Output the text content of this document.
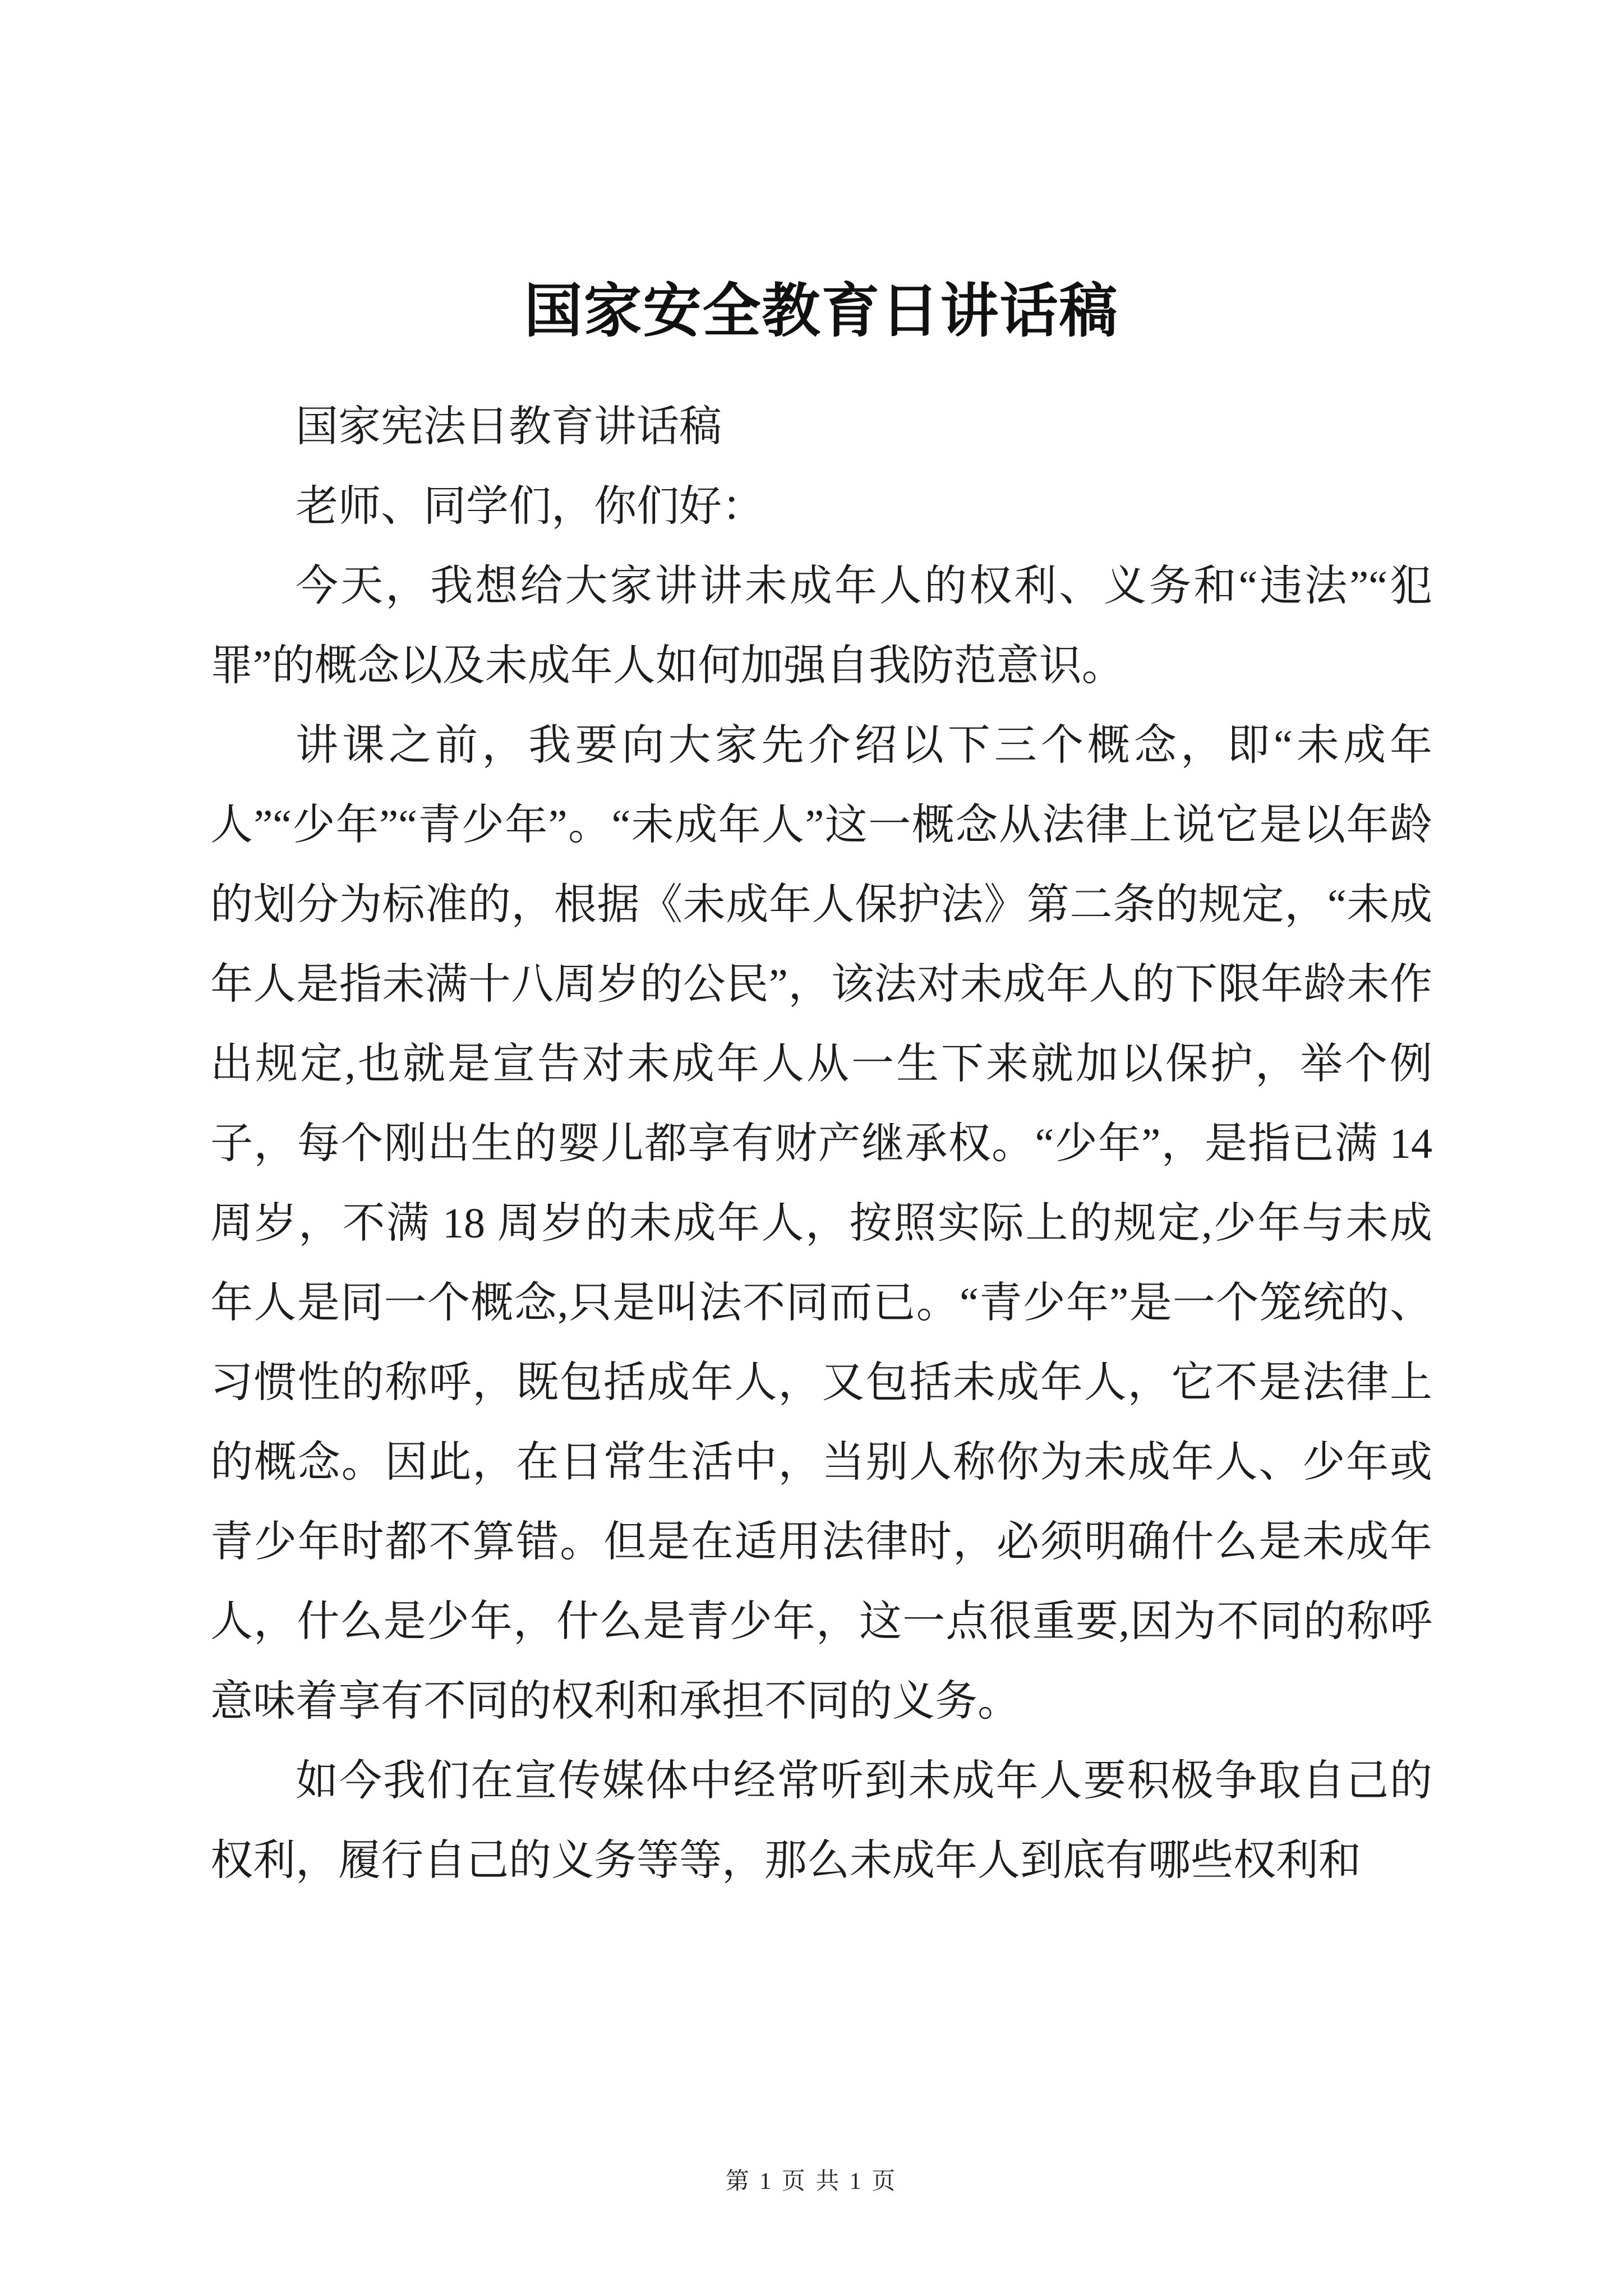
国家安全教育日讲话稿

国家宪法日教育讲话稿

老师、同学们，你们好：

今天，我想给大家讲讲未成年人的权利、义务和“违法”“犯罪”的概念以及未成年人如何加强自我防范意识。

讲课之前，我要向大家先介绍以下三个概念，即“未成年人”“少年”“青少年”。“未成年人”这一概念从法律上说它是以年龄的划分为标准的，根据《未成年人保护法》第二条的规定，“未成年人是指未满十八周岁的公民”，该法对未成年人的下限年龄未作出规定,也就是宣告对未成年人从一生下来就加以保护，举个例子，每个刚出生的婴儿都享有财产继承权。“少年”，是指已满 14 周岁，不满 18 周岁的未成年人，按照实际上的规定,少年与未成年人是同一个概念,只是叫法不同而已。“青少年”是一个笼统的、习惯性的称呼，既包括成年人，又包括未成年人，它不是法律上的概念。因此，在日常生活中，当别人称你为未成年人、少年或青少年时都不算错。但是在适用法律时，必须明确什么是未成年人，什么是少年，什么是青少年，这一点很重要,因为不同的称呼意味着享有不同的权利和承担不同的义务。

如今我们在宣传媒体中经常听到未成年人要积极争取自己的权利，履行自己的义务等等，那么未成年人到底有哪些权利和

第 1 页 共 1 页
